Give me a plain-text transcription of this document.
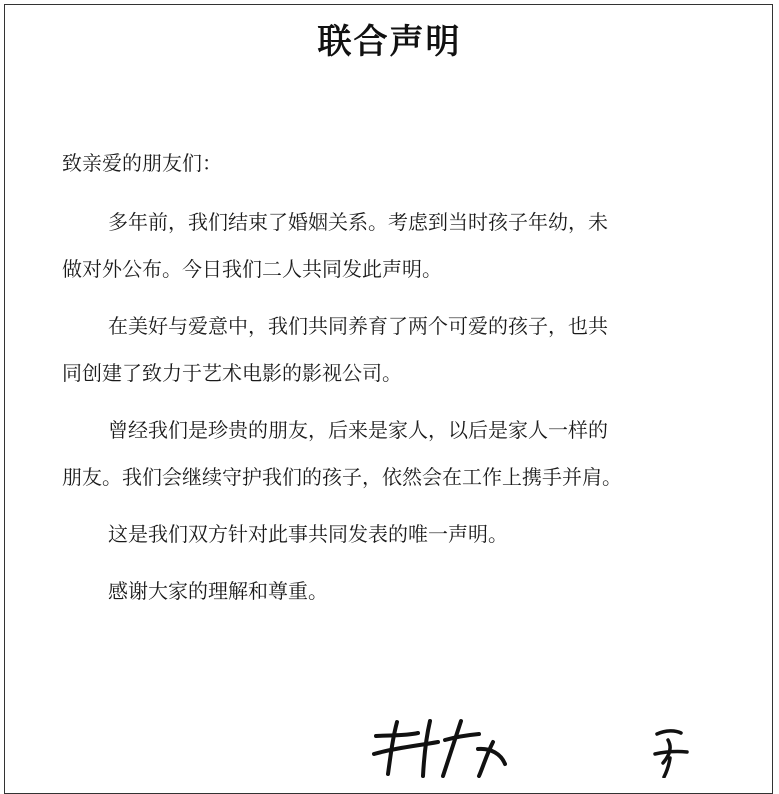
联合声明
致亲爱的朋友们：
多年前，我们结束了婚姻关系。考虑到当时孩子年幼，未
做对外公布。今日我们二人共同发此声明。
在美好与爱意中，我们共同养育了两个可爱的孩子，也共
同创建了致力于艺术电影的影视公司。
曾经我们是珍贵的朋友，后来是家人，以后是家人一样的
朋友。我们会继续守护我们的孩子，依然会在工作上携手并肩。
这是我们双方针对此事共同发表的唯一声明。
感谢大家的理解和尊重。
